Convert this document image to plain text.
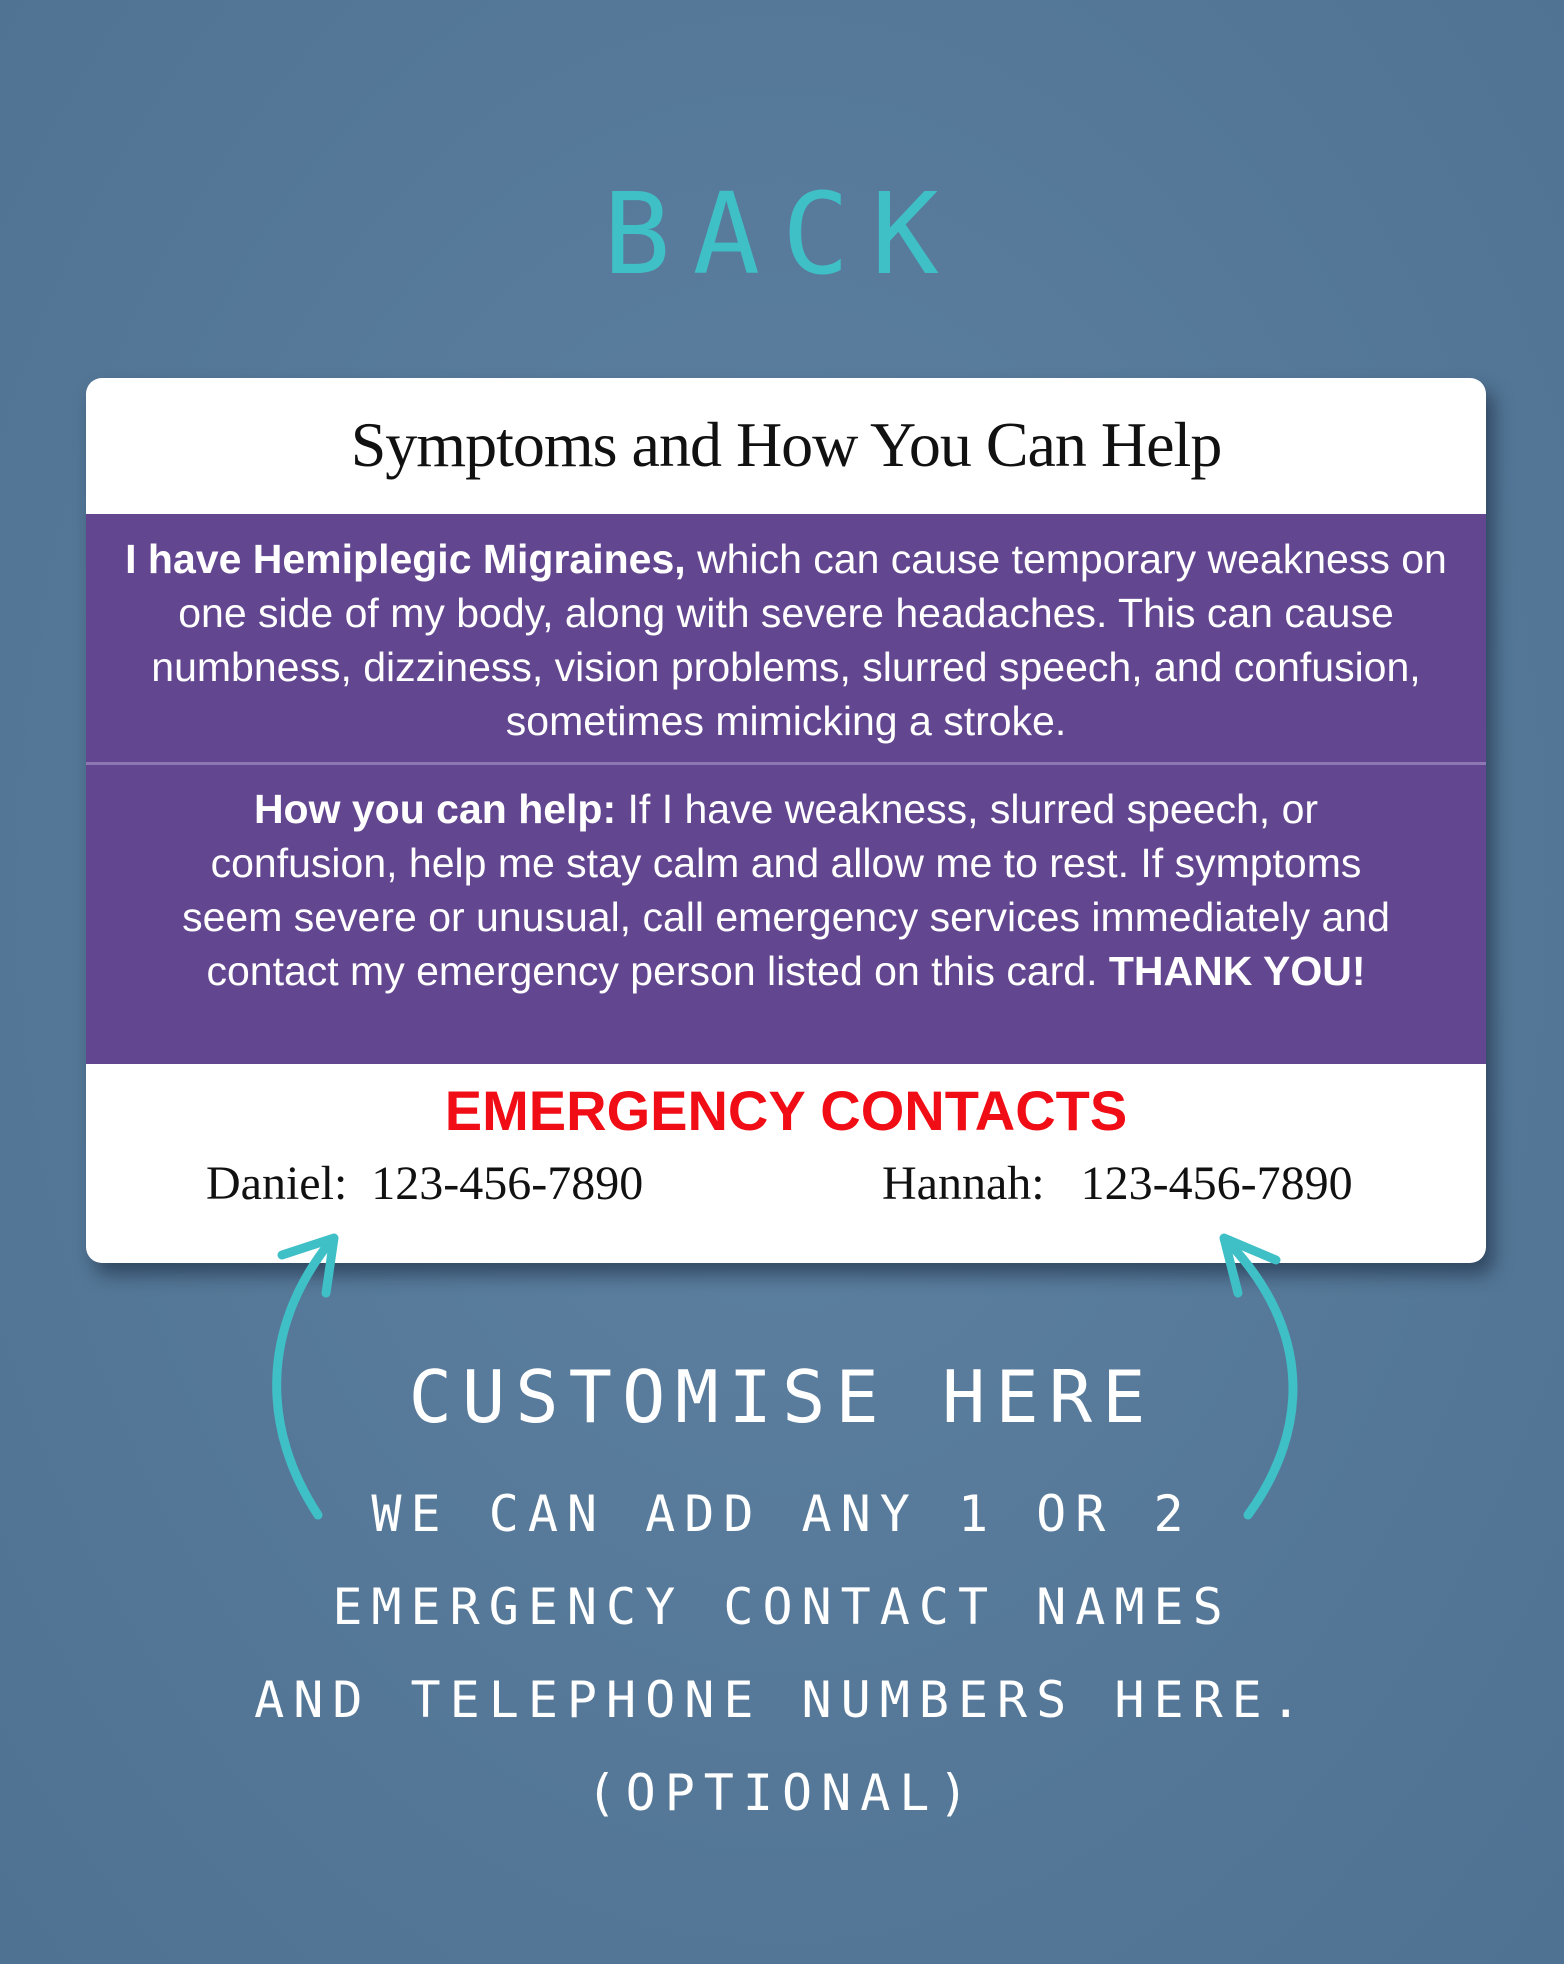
BACK
Symptoms and How You Can Help
I have Hemiplegic Migraines, which can cause temporary weakness on one side of my body, along with severe headaches. This can cause numbness, dizziness, vision problems, slurred speech, and confusion, sometimes mimicking a stroke.
How you can help: If I have weakness, slurred speech, or confusion, help me stay calm and allow me to rest. If symptoms seem severe or unusual, call emergency services immediately and contact my emergency person listed on this card. THANK YOU!
EMERGENCY CONTACTS
Daniel:  123-456-7890	Hannah:   123-456-7890
CUSTOMISE HERE
WE CAN ADD ANY 1 OR 2
EMERGENCY CONTACT NAMES
AND TELEPHONE NUMBERS HERE.
(OPTIONAL)
